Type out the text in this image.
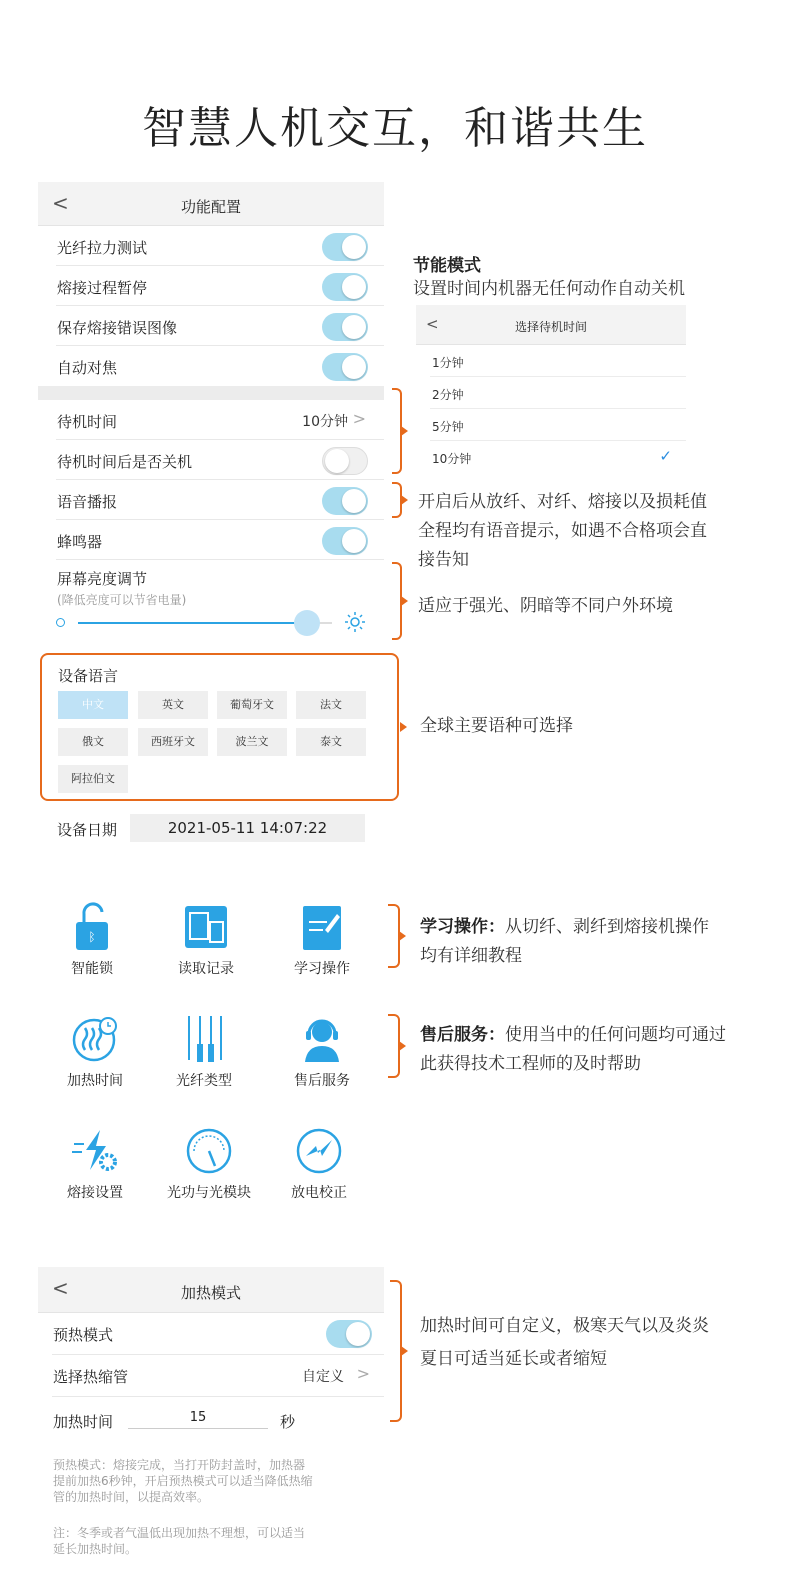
智慧人机交互，和谐共生
<	功能配置
光纤拉力测试
熔接过程暂停
保存熔接错误图像
自动对焦
待机时间	10分钟 >
待机时间后是否关机
语音播报
蜂鸣器
屏幕亮度调节
(降低亮度可以节省电量)
设备语言
中文	英文	葡萄牙文	法文
俄文	西班牙文	波兰文	泰文
阿拉伯文
设备日期	2021-05-11 14:07:22
节能模式
设置时间内机器无任何动作自动关机
<	选择待机时间
1分钟
2分钟
5分钟
10分钟	✓
开启后从放纤、对纤、熔接以及损耗值
全程均有语音提示，如遇不合格项会直
接告知
适应于强光、阴暗等不同户外环境
全球主要语种可选择
ᛒ
智能锁	读取记录	学习操作
加热时间	光纤类型	售后服务
熔接设置	光功与光模块	放电校正
学习操作：从切纤、剥纤到熔接机操作
均有详细教程
售后服务：使用当中的任何问题均可通过
此获得技术工程师的及时帮助
<	加热模式
预热模式
选择热缩管	自定义 >
加热时间	15	秒
预热模式：熔接完成，当打开防封盖时，加热器
提前加热6秒钟，开启预热模式可以适当降低热缩
管的加热时间，以提高效率。
注：冬季或者气温低出现加热不理想，可以适当
延长加热时间。
加热时间可自定义，极寒天气以及炎炎
夏日可适当延长或者缩短
